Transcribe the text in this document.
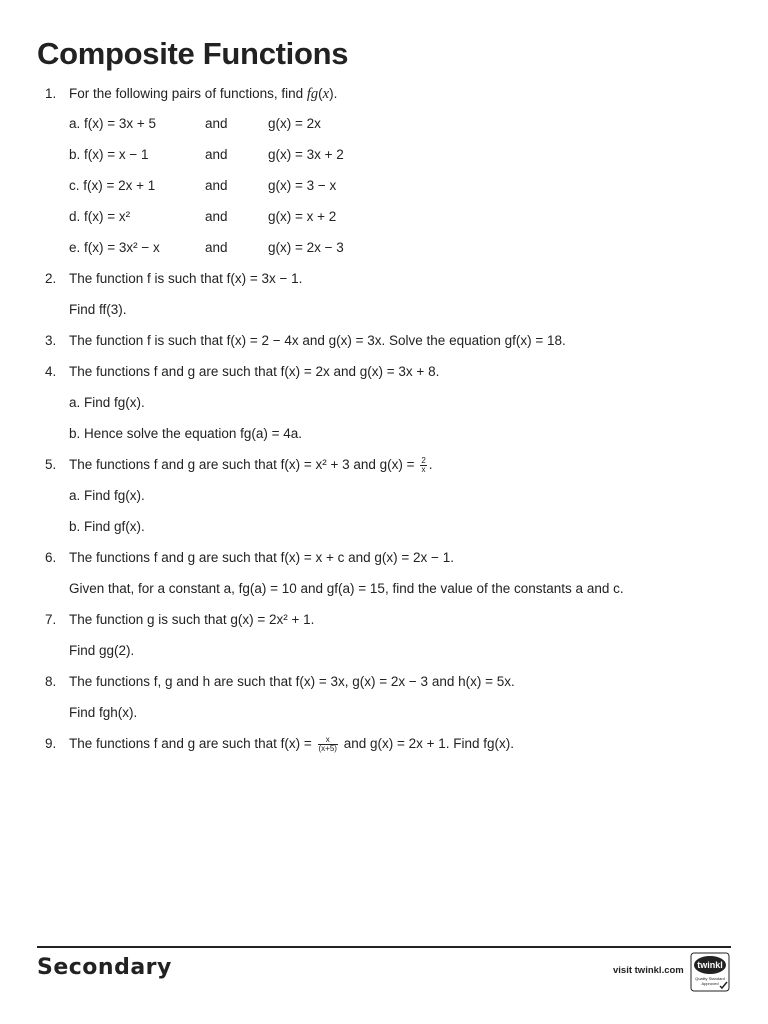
Composite Functions
1. For the following pairs of functions, find fg(x).
a. f(x) = 3x + 5	and	g(x) = 2x
b. f(x) = x − 1	and	g(x) = 3x + 2
c. f(x) = 2x + 1	and	g(x) = 3 − x
d. f(x) = x²	and	g(x) = x + 2
e. f(x) = 3x² − x	and	g(x) = 2x − 3
2. The function f is such that f(x) = 3x − 1.
Find ff(3).
3. The function f is such that f(x) = 2 − 4x and g(x) = 3x. Solve the equation gf(x) = 18.
4. The functions f and g are such that f(x) = 2x and g(x) = 3x + 8.
a. Find fg(x).
b. Hence solve the equation fg(a) = 4a.
5. The functions f and g are such that f(x) = x² + 3 and $g(x) = \frac{2}{x}$ .
a. Find fg(x).
b. Find gf(x).
6. The functions f and g are such that f(x) = x + c and g(x) = 2x − 1.
Given that, for a constant a, fg(a) = 10 and gf(a) = 15, find the value of the constants a and c.
7. The function g is such that g(x) = 2x² + 1.
Find gg(2).
8. The functions f, g and h are such that f(x) = 3x, g(x) = 2x − 3 and h(x) = 5x.
Find fgh(x).
9. The functions f and g are such that $f(x) = \frac{x}{(x+5)}$ and g(x) = 2x + 1. Find fg(x).
Secondary	visit twinkl.com twinkl
Quality Standard
Approved
